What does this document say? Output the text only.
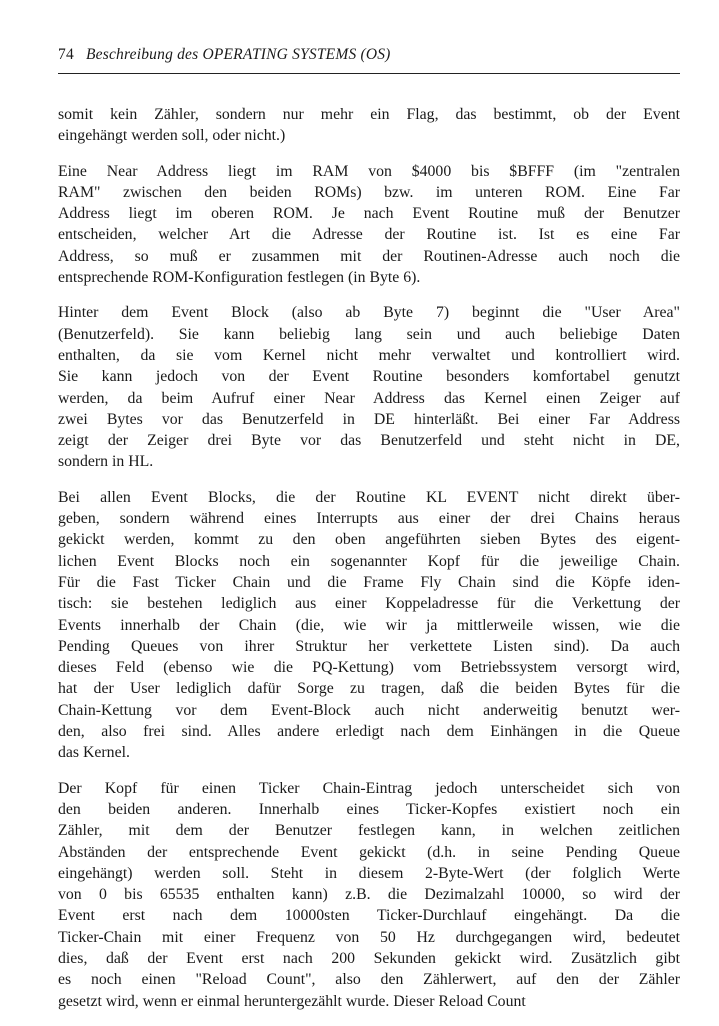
74 Beschreibung des OPERATING SYSTEMS (OS)

somit kein Zähler, sondern nur mehr ein Flag, das bestimmt, ob der Event
eingehängt werden soll, oder nicht.)

Eine Near Address liegt im RAM von $4000 bis $BFFF (im "zentralen
RAM" zwischen den beiden ROMs) bzw. im unteren ROM. Eine Far
Address liegt im oberen ROM. Je nach Event Routine muß der Benutzer
entscheiden, welcher Art die Adresse der Routine ist. Ist es eine Far
Address, so muß er zusammen mit der Routinen-Adresse auch noch die
entsprechende ROM-Konfiguration festlegen (in Byte 6).

Hinter dem Event Block (also ab Byte 7) beginnt die "User Area"
(Benutzerfeld). Sie kann beliebig lang sein und auch beliebige Daten
enthalten, da sie vom Kernel nicht mehr verwaltet und kontrolliert wird.
Sie kann jedoch von der Event Routine besonders komfortabel genutzt
werden, da beim Aufruf einer Near Address das Kernel einen Zeiger auf
zwei Bytes vor das Benutzerfeld in DE hinterläßt. Bei einer Far Address
zeigt der Zeiger drei Byte vor das Benutzerfeld und steht nicht in DE,
sondern in HL.

Bei allen Event Blocks, die der Routine KL EVENT nicht direkt über-
geben, sondern während eines Interrupts aus einer der drei Chains heraus
gekickt werden, kommt zu den oben angeführten sieben Bytes des eigent-
lichen Event Blocks noch ein sogenannter Kopf für die jeweilige Chain.
Für die Fast Ticker Chain und die Frame Fly Chain sind die Köpfe iden-
tisch: sie bestehen lediglich aus einer Koppeladresse für die Verkettung der
Events innerhalb der Chain (die, wie wir ja mittlerweile wissen, wie die
Pending Queues von ihrer Struktur her verkettete Listen sind). Da auch
dieses Feld (ebenso wie die PQ-Kettung) vom Betriebssystem versorgt wird,
hat der User lediglich dafür Sorge zu tragen, daß die beiden Bytes für die
Chain-Kettung vor dem Event-Block auch nicht anderweitig benutzt wer-
den, also frei sind. Alles andere erledigt nach dem Einhängen in die Queue
das Kernel.

Der Kopf für einen Ticker Chain-Eintrag jedoch unterscheidet sich von
den beiden anderen. Innerhalb eines Ticker-Kopfes existiert noch ein
Zähler, mit dem der Benutzer festlegen kann, in welchen zeitlichen
Abständen der entsprechende Event gekickt (d.h. in seine Pending Queue
eingehängt) werden soll. Steht in diesem 2-Byte-Wert (der folglich Werte
von 0 bis 65535 enthalten kann) z.B. die Dezimalzahl 10000, so wird der
Event erst nach dem 10000sten Ticker-Durchlauf eingehängt. Da die
Ticker-Chain mit einer Frequenz von 50 Hz durchgegangen wird, bedeutet
dies, daß der Event erst nach 200 Sekunden gekickt wird. Zusätzlich gibt
es noch einen "Reload Count", also den Zählerwert, auf den der Zähler
gesetzt wird, wenn er einmal heruntergezählt wurde. Dieser Reload Count
